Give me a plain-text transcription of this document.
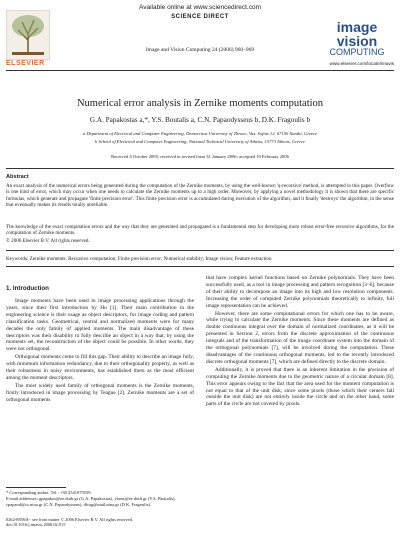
ELSEVIER
Available online at www.sciencedirect.com
SCIENCE DIRECT
Image and Vision Computing 24 (2006) 960–969
image
vision
COMPUTING
www.elsevier.com/locate/imavis
Numerical error analysis in Zernike moments computation
G.A. Papakostas a,*, Y.S. Boutalis a, C.N. Papaodysseus b, D.K. Fragoulis b
a Department of Electrical and Computer Engineering, Democritus University of Thrace, Vas. Sofias 12, 67100 Xanthi, Greece
b School of Electrical and Computer Engineering, National Technical University of Athens, 15773 Athens, Greece
Received 4 October 2005; received in revised form 31 January 2006; accepted 10 February 2006
Abstract
An exact analysis of the numerical errors being generated during the computation of the Zernike moments, by using the well-known 'q-recursive' method, is attempted in this paper. Overflow is one kind of error, which may occur when one needs to calculate the Zernike moments up to a high order. Moreover, by applying a novel methodology it is shown that there are specific formulas, which generate and propagate 'finite precision error'. This finite precision error is accumulated during execution of the algorithm, and it finally 'destroys' the algorithm, in the sense that eventually makes its results totally unreliable.
The knowledge of the exact computation errors and the way that they are generated and propagated is a fundamental step for developing more robust error-free recursive algorithms, for the computation of Zernike moments.
© 2006 Elsevier B.V. All rights reserved.
Keywords: Zernike moments; Recursive computation; Finite precision error; Numerical stability; Image vision; Feature extraction
1. Introduction

Image moments have been used in image processing applications through the years, since their first introduction by Hu [1]. Their main contribution in the engineering science is their usage as object descriptors, for image coding and pattern classification tasks. Geometrical, central and normalized moments were for many decades the only family of applied moments. The main disadvantage of these descriptors was their disability to fully describe an object in a way that, by using the moments set, the reconstruction of the object could be possible. In other words, they were not orthogonal.

Orthogonal moments come to fill this gap. Their ability to describe an image fully, with minimum information redundancy, due to their orthogonality property, as well as their robustness in noisy environments, has established them as the most efficient among the moment descriptors.

The most widely used family of orthogonal moments is the Zernike moments, firstly introduced in image processing by Teague [2]. Zernike moments are a set of orthogonal moments

that have complex kernel functions based on Zernike polynomials. They have been successfully used, as a tool in image processing and pattern recognition [3–6], because of their ability to decompose an image into its high and low resolution components. Increasing the order of computed Zernike polynomials theoretically to infinity, full image representation can be achieved.

However, there are some computational errors for which one has to be aware, while trying to calculate the Zernike moments. Since these moments are defined as double continuous integral over the domain of normalized coordinates, as it will be presented in Section 2, errors from the discrete approximation of the continuous integrals and of the transformation of the image coordinate system into the domain of the orthogonal polynomials [7], will be involved during the computation. These disadvantages of the continuous orthogonal moments, led to the recently introduced discrete orthogonal moments [7], which are defined directly to the discrete domain.

Additionally, it is proved that there is an inherent limitation in the precision of computing the Zernike moments due to the geometric nature of a circular domain [8]. This error appears owing to the fact that the area used for the moment computation is not equal to that of the unit disk, since some pixels (those which their centers fall outside the unit disk) are not entirely inside the circle and on the other hand, some parts of the circle are not covered by pixels.

* Corresponding author. Tel.: +30 2541079559.
E-mail addresses: gpapakos@ee.duth.gr (G.A. Papakostas), ybout@ee.duth.gr (Y.S. Boutalis), cpapaod@cs.ntua.gr (C.N. Papaodysseus), dfrag@mail.ntua.gr (D.K. Fragoulis).
0262-8856/$ - see front matter © 2006 Elsevier B.V. All rights reserved.
doi:10.1016/j.imavis.2006.02.015
